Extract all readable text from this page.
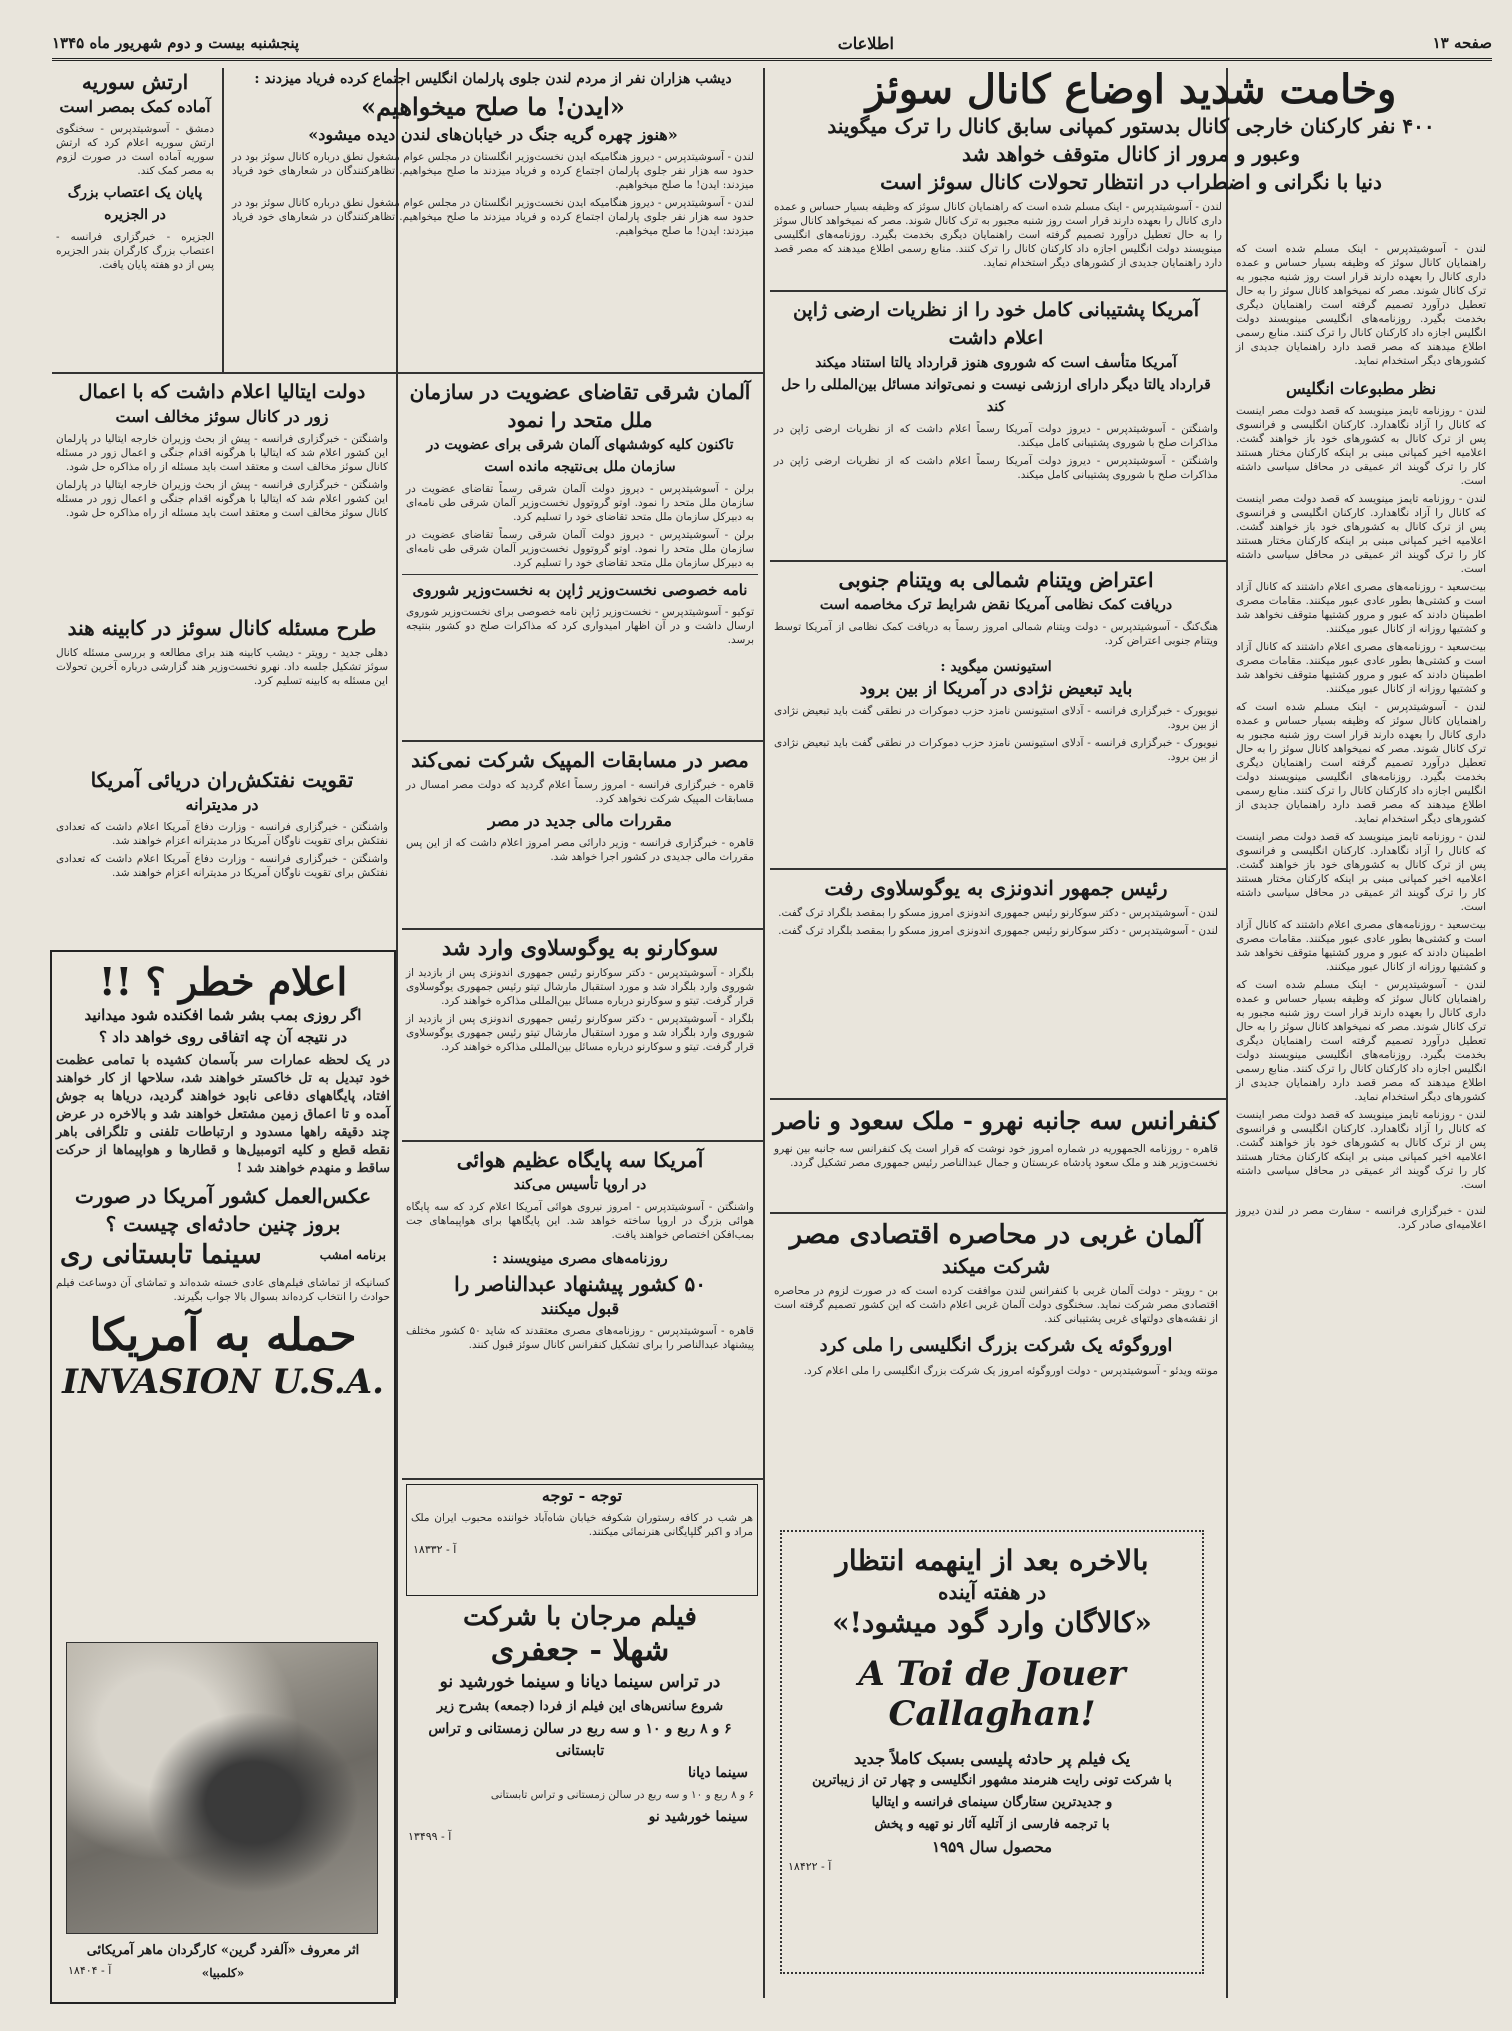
صفحه ۱۳
اطلاعات
پنجشنبه بیست و دوم شهریور ماه ۱۳۴۵

وخامت شدید اوضاع کانال سوئز

۴۰۰ نفر کارکنان خارجی کانال بدستور کمپانی سابق کانال را ترک میگویند

وعبور و مرور از کانال متوقف خواهد شد

دنیا با نگرانی و اضطراب در انتظار تحولات کانال سوئز است

لندن - آسوشیتدپرس - اینک مسلم شده است که راهنمایان کانال سوئز که وظیفه بسیار حساس و عمده داری کانال را بعهده دارند قرار است روز شنبه مجبور به ترک کانال شوند. مصر که نمیخواهد کانال سوئز را به حال تعطیل درآورد تصمیم گرفته است راهنمایان دیگری بخدمت بگیرد. روزنامه‌های انگلیسی مینویسند دولت انگلیس اجازه داد کارکنان کانال را ترک کنند. منابع رسمی اطلاع میدهند که مصر قصد دارد راهنمایان جدیدی از کشورهای دیگر استخدام نماید.

لندن - آسوشیتدپرس - اینک مسلم شده است که راهنمایان کانال سوئز که وظیفه بسیار حساس و عمده داری کانال را بعهده دارند قرار است روز شنبه مجبور به ترک کانال شوند. مصر که نمیخواهد کانال سوئز را به حال تعطیل درآورد تصمیم گرفته است راهنمایان دیگری بخدمت بگیرد. روزنامه‌های انگلیسی مینویسند دولت انگلیس اجازه داد کارکنان کانال را ترک کنند. منابع رسمی اطلاع میدهند که مصر قصد دارد راهنمایان جدیدی از کشورهای دیگر استخدام نماید.

نظر مطبوعات انگلیس

لندن - روزنامه تایمز مینویسد که قصد دولت مصر اینست که کانال را آزاد نگاهدارد. کارکنان انگلیسی و فرانسوی پس از ترک کانال به کشورهای خود باز خواهند گشت. اعلامیه اخیر کمپانی مبنی بر اینکه کارکنان مختار هستند کار را ترک گویند اثر عمیقی در محافل سیاسی داشته است.

لندن - روزنامه تایمز مینویسد که قصد دولت مصر اینست که کانال را آزاد نگاهدارد. کارکنان انگلیسی و فرانسوی پس از ترک کانال به کشورهای خود باز خواهند گشت. اعلامیه اخیر کمپانی مبنی بر اینکه کارکنان مختار هستند کار را ترک گویند اثر عمیقی در محافل سیاسی داشته است.

بیت‌سعید - روزنامه‌های مصری اعلام داشتند که کانال آزاد است و کشتی‌ها بطور عادی عبور میکنند. مقامات مصری اطمینان دادند که عبور و مرور کشتیها متوقف نخواهد شد و کشتیها روزانه از کانال عبور میکنند.

بیت‌سعید - روزنامه‌های مصری اعلام داشتند که کانال آزاد است و کشتی‌ها بطور عادی عبور میکنند. مقامات مصری اطمینان دادند که عبور و مرور کشتیها متوقف نخواهد شد و کشتیها روزانه از کانال عبور میکنند.

لندن - آسوشیتدپرس - اینک مسلم شده است که راهنمایان کانال سوئز که وظیفه بسیار حساس و عمده داری کانال را بعهده دارند قرار است روز شنبه مجبور به ترک کانال شوند. مصر که نمیخواهد کانال سوئز را به حال تعطیل درآورد تصمیم گرفته است راهنمایان دیگری بخدمت بگیرد. روزنامه‌های انگلیسی مینویسند دولت انگلیس اجازه داد کارکنان کانال را ترک کنند. منابع رسمی اطلاع میدهند که مصر قصد دارد راهنمایان جدیدی از کشورهای دیگر استخدام نماید.

لندن - روزنامه تایمز مینویسد که قصد دولت مصر اینست که کانال را آزاد نگاهدارد. کارکنان انگلیسی و فرانسوی پس از ترک کانال به کشورهای خود باز خواهند گشت. اعلامیه اخیر کمپانی مبنی بر اینکه کارکنان مختار هستند کار را ترک گویند اثر عمیقی در محافل سیاسی داشته است.

بیت‌سعید - روزنامه‌های مصری اعلام داشتند که کانال آزاد است و کشتی‌ها بطور عادی عبور میکنند. مقامات مصری اطمینان دادند که عبور و مرور کشتیها متوقف نخواهد شد و کشتیها روزانه از کانال عبور میکنند.

لندن - آسوشیتدپرس - اینک مسلم شده است که راهنمایان کانال سوئز که وظیفه بسیار حساس و عمده داری کانال را بعهده دارند قرار است روز شنبه مجبور به ترک کانال شوند. مصر که نمیخواهد کانال سوئز را به حال تعطیل درآورد تصمیم گرفته است راهنمایان دیگری بخدمت بگیرد. روزنامه‌های انگلیسی مینویسند دولت انگلیس اجازه داد کارکنان کانال را ترک کنند. منابع رسمی اطلاع میدهند که مصر قصد دارد راهنمایان جدیدی از کشورهای دیگر استخدام نماید.

لندن - روزنامه تایمز مینویسد که قصد دولت مصر اینست که کانال را آزاد نگاهدارد. کارکنان انگلیسی و فرانسوی پس از ترک کانال به کشورهای خود باز خواهند گشت. اعلامیه اخیر کمپانی مبنی بر اینکه کارکنان مختار هستند کار را ترک گویند اثر عمیقی در محافل سیاسی داشته است.

لندن - خبرگزاری فرانسه - سفارت مصر در لندن دیروز اعلامیه‌ای صادر کرد.

آمریکا پشتیبانی کامل خود را از نظریات ارضی ژاپن اعلام داشت

آمریکا متأسف است که شوروی هنوز قرارداد یالتا استناد میکند

قرارداد یالتا دیگر دارای ارزشی نیست و نمی‌تواند مسائل بین‌المللی را حل کند

واشنگتن - آسوشیتدپرس - دیروز دولت آمریکا رسماً اعلام داشت که از نظریات ارضی ژاپن در مذاکرات صلح با شوروی پشتیبانی کامل میکند.

واشنگتن - آسوشیتدپرس - دیروز دولت آمریکا رسماً اعلام داشت که از نظریات ارضی ژاپن در مذاکرات صلح با شوروی پشتیبانی کامل میکند.

اعتراض ویتنام شمالی به ویتنام جنوبی

دریافت کمک نظامی آمریکا نقض شرایط ترک مخاصمه است

هنگ‌کنگ - آسوشیتدپرس - دولت ویتنام شمالی امروز رسماً به دریافت کمک نظامی از آمریکا توسط ویتنام جنوبی اعتراض کرد.

استیونسن میگوید :

باید تبعیض نژادی در آمریکا از بین برود

نیویورک - خبرگزاری فرانسه - آدلای استیونسن نامزد حزب دموکرات در نطقی گفت باید تبعیض نژادی از بین برود.

نیویورک - خبرگزاری فرانسه - آدلای استیونسن نامزد حزب دموکرات در نطقی گفت باید تبعیض نژادی از بین برود.

رئیس جمهور اندونزی به یوگوسلاوی رفت

لندن - آسوشیتدپرس - دکتر سوکارنو رئیس جمهوری اندونزی امروز مسکو را بمقصد بلگراد ترک گفت.

لندن - آسوشیتدپرس - دکتر سوکارنو رئیس جمهوری اندونزی امروز مسکو را بمقصد بلگراد ترک گفت.

کنفرانس سه جانبه نهرو - ملک سعود و ناصر

قاهره - روزنامه الجمهوریه در شماره امروز خود نوشت که قرار است یک کنفرانس سه جانبه بین نهرو نخست‌وزیر هند و ملک سعود پادشاه عربستان و جمال عبدالناصر رئیس جمهوری مصر تشکیل گردد.

آلمان غربی در محاصره اقتصادی مصر

شرکت میکند

بن - رویتر - دولت آلمان غربی با کنفرانس لندن موافقت کرده است که در صورت لزوم در محاصره اقتصادی مصر شرکت نماید. سخنگوی دولت آلمان غربی اعلام داشت که این کشور تصمیم گرفته است از نقشه‌های دولتهای غربی پشتیبانی کند.

اوروگوئه یک شرکت بزرگ انگلیسی را ملی کرد

مونته ویدئو - آسوشیتدپرس - دولت اوروگوئه امروز یک شرکت بزرگ انگلیسی را ملی اعلام کرد.

بالاخره بعد از اینهمه انتظار

در هفته آینده

«کالاگان وارد گود میشود!»

A Toi de Jouer Callaghan!

یک فیلم پر حادثه پلیسی بسبک کاملاً جدید

با شرکت تونی رایت هنرمند مشهور انگلیسی و چهار تن از زیباترین

و جدیدترین ستارگان سینمای فرانسه و ایتالیا

با ترجمه فارسی از آتلیه آثار نو تهیه و پخش

محصول سال ۱۹۵۹

آ - ۱۸۴۲۲

دیشب هزاران نفر از مردم لندن جلوی پارلمان انگلیس اجتماع کرده فریاد میزدند :

«ایدن! ما صلح میخواهیم»

«هنوز چهره گریه جنگ در خیابان‌های لندن دیده میشود»

لندن - آسوشیتدپرس - دیروز هنگامیکه ایدن نخست‌وزیر انگلستان در مجلس عوام مشغول نطق درباره کانال سوئز بود در حدود سه هزار نفر جلوی پارلمان اجتماع کرده و فریاد میزدند ما صلح میخواهیم. تظاهرکنندگان در شعارهای خود فریاد میزدند: ایدن! ما صلح میخواهیم.

لندن - آسوشیتدپرس - دیروز هنگامیکه ایدن نخست‌وزیر انگلستان در مجلس عوام مشغول نطق درباره کانال سوئز بود در حدود سه هزار نفر جلوی پارلمان اجتماع کرده و فریاد میزدند ما صلح میخواهیم. تظاهرکنندگان در شعارهای خود فریاد میزدند: ایدن! ما صلح میخواهیم.

ارتش سوریه

آماده کمک بمصر است

دمشق - آسوشیتدپرس - سخنگوی ارتش سوریه اعلام کرد که ارتش سوریه آماده است در صورت لزوم به مصر کمک کند.

پایان یک اعتصاب بزرگ

در الجزیره

الجزیره - خبرگزاری فرانسه - اعتصاب بزرگ کارگران بندر الجزیره پس از دو هفته پایان یافت.

آلمان شرقی تقاضای عضویت در سازمان

ملل متحد را نمود

تاکنون کلیه کوششهای آلمان شرقی برای عضویت در سازمان ملل بی‌نتیجه مانده است

برلن - آسوشیتدپرس - دیروز دولت آلمان شرقی رسماً تقاضای عضویت در سازمان ملل متحد را نمود. اوتو گروتوول نخست‌وزیر آلمان شرقی طی نامه‌ای به دبیرکل سازمان ملل متحد تقاضای خود را تسلیم کرد.

برلن - آسوشیتدپرس - دیروز دولت آلمان شرقی رسماً تقاضای عضویت در سازمان ملل متحد را نمود. اوتو گروتوول نخست‌وزیر آلمان شرقی طی نامه‌ای به دبیرکل سازمان ملل متحد تقاضای خود را تسلیم کرد.

نامه خصوصی نخست‌وزیر ژاپن به نخست‌وزیر شوروی

توکیو - آسوشیتدپرس - نخست‌وزیر ژاپن نامه خصوصی برای نخست‌وزیر شوروی ارسال داشت و در آن اظهار امیدواری کرد که مذاکرات صلح دو کشور بنتیجه برسد.

مصر در مسابقات المپیک شرکت نمی‌کند

قاهره - خبرگزاری فرانسه - امروز رسماً اعلام گردید که دولت مصر امسال در مسابقات المپیک شرکت نخواهد کرد.

مقررات مالی جدید در مصر

قاهره - خبرگزاری فرانسه - وزیر دارائی مصر امروز اعلام داشت که از این پس مقررات مالی جدیدی در کشور اجرا خواهد شد.

سوکارنو به یوگوسلاوی وارد شد

بلگراد - آسوشیتدپرس - دکتر سوکارنو رئیس جمهوری اندونزی پس از بازدید از شوروی وارد بلگراد شد و مورد استقبال مارشال تیتو رئیس جمهوری یوگوسلاوی قرار گرفت. تیتو و سوکارنو درباره مسائل بین‌المللی مذاکره خواهند کرد.

بلگراد - آسوشیتدپرس - دکتر سوکارنو رئیس جمهوری اندونزی پس از بازدید از شوروی وارد بلگراد شد و مورد استقبال مارشال تیتو رئیس جمهوری یوگوسلاوی قرار گرفت. تیتو و سوکارنو درباره مسائل بین‌المللی مذاکره خواهند کرد.

آمریکا سه پایگاه عظیم هوائی

در اروپا تأسیس می‌کند

واشنگتن - آسوشیتدپرس - امروز نیروی هوائی آمریکا اعلام کرد که سه پایگاه هوائی بزرگ در اروپا ساخته خواهد شد. این پایگاهها برای هواپیماهای جت بمب‌افکن اختصاص خواهند یافت.

روزنامه‌های مصری مینویسند :

۵۰ کشور پیشنهاد عبدالناصر را

قبول میکنند

قاهره - آسوشیتدپرس - روزنامه‌های مصری معتقدند که شاید ۵۰ کشور مختلف پیشنهاد عبدالناصر را برای تشکیل کنفرانس کانال سوئز قبول کنند.

توجه - توجه

هر شب در کافه رستوران شکوفه خیابان شاه‌آباد خواننده محبوب ایران ملک مراد و اکبر گلپایگانی هنرنمائی میکنند.

آ - ۱۸۳۳۲

فیلم مرجان با شرکت

شهلا - جعفری

در تراس سینما دیانا و سینما خورشید نو

شروع سانس‌های این فیلم از فردا (جمعه) بشرح زیر

۶ و ۸ ربع و ۱۰ و سه ربع در سالن زمستانی و تراس تابستانی

سینما دیانا

۶ و ۸ ربع و ۱۰ و سه ربع در سالن زمستانی و تراس تابستانی

سینما خورشید نو

آ - ۱۳۴۹۹

دولت ایتالیا اعلام داشت که با اعمال

زور در کانال سوئز مخالف است

واشنگتن - خبرگزاری فرانسه - پیش از بحث وزیران خارجه ایتالیا در پارلمان این کشور اعلام شد که ایتالیا با هرگونه اقدام جنگی و اعمال زور در مسئله کانال سوئز مخالف است و معتقد است باید مسئله از راه مذاکره حل شود.

واشنگتن - خبرگزاری فرانسه - پیش از بحث وزیران خارجه ایتالیا در پارلمان این کشور اعلام شد که ایتالیا با هرگونه اقدام جنگی و اعمال زور در مسئله کانال سوئز مخالف است و معتقد است باید مسئله از راه مذاکره حل شود.

طرح مسئله کانال سوئز در کابینه هند

دهلی جدید - رویتر - دیشب کابینه هند برای مطالعه و بررسی مسئله کانال سوئز تشکیل جلسه داد. نهرو نخست‌وزیر هند گزارشی درباره آخرین تحولات این مسئله به کابینه تسلیم کرد.

تقویت نفتکش‌ران دریائی آمریکا

در مدیترانه

واشنگتن - خبرگزاری فرانسه - وزارت دفاع آمریکا اعلام داشت که تعدادی نفتکش برای تقویت ناوگان آمریکا در مدیترانه اعزام خواهند شد.

واشنگتن - خبرگزاری فرانسه - وزارت دفاع آمریکا اعلام داشت که تعدادی نفتکش برای تقویت ناوگان آمریکا در مدیترانه اعزام خواهند شد.

اعلام خطر ؟ !!

اگر روزی بمب بشر شما افکنده شود میدانید

در نتیجه آن چه اتفاقی روی خواهد داد ؟

در یک لحظه عمارات سر بآسمان کشیده با تمامی عظمت خود تبدیل به تل خاکستر خواهند شد، سلاحها از کار خواهند افتاد، پایگاههای دفاعی نابود خواهند گردید، دریاها به جوش آمده و تا اعماق زمین مشتعل خواهند شد و بالاخره در عرض چند دقیقه راهها مسدود و ارتباطات تلفنی و تلگرافی باهر نقطه قطع و کلیه اتومبیل‌ها و قطارها و هواپیماها از حرکت ساقط و منهدم خواهند شد !

عکس‌العمل کشور آمریکا در صورت

بروز چنین حادثه‌ای چیست ؟

برنامه امشب
سینما تابستانی ری

کسانیکه از تماشای فیلم‌های عادی خسته شده‌اند و تماشای آن دوساعت فیلم حوادث را انتخاب کرده‌اند بسوال بالا جواب بگیرند.

حمله به آمریکا

INVASION U.S.A.

اثر معروف «آلفرد گرین» کارگردان ماهر آمریکائی

«کلمبیا»

آ - ۱۸۴۰۴
